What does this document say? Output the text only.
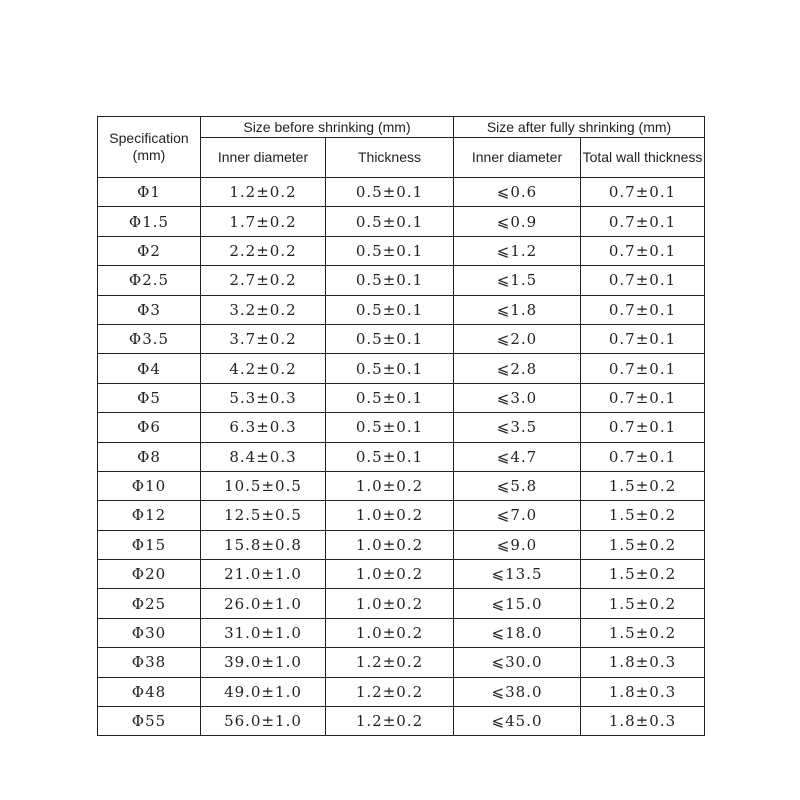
Specification (mm)	Size before shrinking (mm)		Size after fully shrinking (mm)	
	Inner diameter	Thickness	Inner diameter	Total wall thickness
Φ1	1.2±0.2	0.5±0.1	⩽0.6	0.7±0.1
Φ1.5	1.7±0.2	0.5±0.1	⩽0.9	0.7±0.1
Φ2	2.2±0.2	0.5±0.1	⩽1.2	0.7±0.1
Φ2.5	2.7±0.2	0.5±0.1	⩽1.5	0.7±0.1
Φ3	3.2±0.2	0.5±0.1	⩽1.8	0.7±0.1
Φ3.5	3.7±0.2	0.5±0.1	⩽2.0	0.7±0.1
Φ4	4.2±0.2	0.5±0.1	⩽2.8	0.7±0.1
Φ5	5.3±0.3	0.5±0.1	⩽3.0	0.7±0.1
Φ6	6.3±0.3	0.5±0.1	⩽3.5	0.7±0.1
Φ8	8.4±0.3	0.5±0.1	⩽4.7	0.7±0.1
Φ10	10.5±0.5	1.0±0.2	⩽5.8	1.5±0.2
Φ12	12.5±0.5	1.0±0.2	⩽7.0	1.5±0.2
Φ15	15.8±0.8	1.0±0.2	⩽9.0	1.5±0.2
Φ20	21.0±1.0	1.0±0.2	⩽13.5	1.5±0.2
Φ25	26.0±1.0	1.0±0.2	⩽15.0	1.5±0.2
Φ30	31.0±1.0	1.0±0.2	⩽18.0	1.5±0.2
Φ38	39.0±1.0	1.2±0.2	⩽30.0	1.8±0.3
Φ48	49.0±1.0	1.2±0.2	⩽38.0	1.8±0.3
Φ55	56.0±1.0	1.2±0.2	⩽45.0	1.8±0.3
